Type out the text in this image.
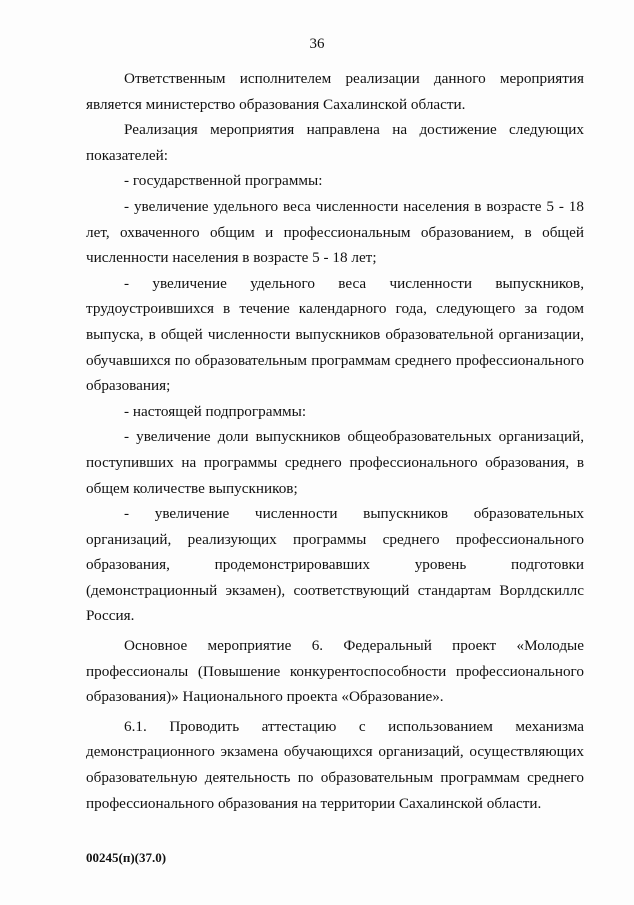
36

Ответственным исполнителем реализации данного мероприятия является министерство образования Сахалинской области.

Реализация мероприятия направлена на достижение следующих показателей:

- государственной программы:

- увеличение удельного веса численности населения в возрасте 5 - 18 лет, охваченного общим и профессиональным образованием, в общей численности населения в возрасте 5 - 18 лет;

- увеличение удельного веса численности выпускников, трудоустроившихся в течение календарного года, следующего за годом выпуска, в общей численности выпускников образовательной организации, обучавшихся по образовательным программам среднего профессионального образования;

- настоящей подпрограммы:

- увеличение доли выпускников общеобразовательных организаций, поступивших на программы среднего профессионального образования, в общем количестве выпускников;

- увеличение численности выпускников образовательных организаций, реализующих программы среднего профессионального образования, продемонстрировавших уровень подготовки (демонстрационный экзамен), соответствующий стандартам Ворлдскиллс Россия.

Основное мероприятие 6. Федеральный проект «Молодые профессионалы (Повышение конкурентоспособности профессионального образования)» Национального проекта «Образование».

6.1. Проводить аттестацию с использованием механизма демонстрационного экзамена обучающихся организаций, осуществляющих образовательную деятельность по образовательным программам среднего профессионального образования на территории Сахалинской области.

00245(п)(37.0)
